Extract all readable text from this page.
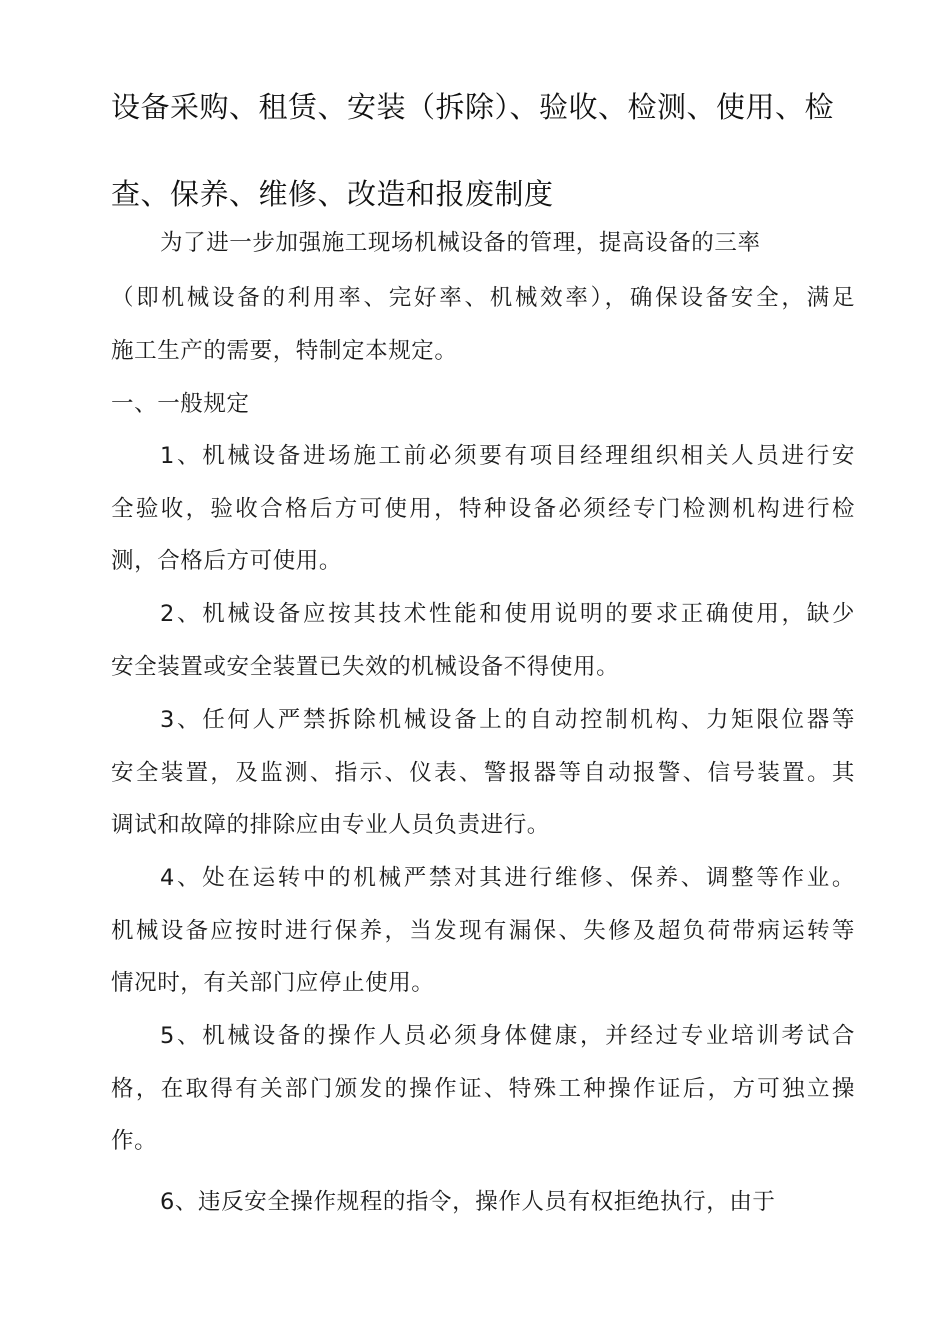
设备采购、租赁、安装（拆除）、验收、检测、使用、检
查、保养、维修、改造和报废制度

为了进一步加强施工现场机械设备的管理，提高设备的三率

（即机械设备的利用率、完好率、机械效率），确保设备安全，满足

施工生产的需要，特制定本规定。

一、一般规定

1、机械设备进场施工前必须要有项目经理组织相关人员进行安

全验收，验收合格后方可使用，特种设备必须经专门检测机构进行检

测，合格后方可使用。

2、机械设备应按其技术性能和使用说明的要求正确使用，缺少

安全装置或安全装置已失效的机械设备不得使用。

3、任何人严禁拆除机械设备上的自动控制机构、力矩限位器等

安全装置，及监测、指示、仪表、警报器等自动报警、信号装置。其

调试和故障的排除应由专业人员负责进行。

4、处在运转中的机械严禁对其进行维修、保养、调整等作业。

机械设备应按时进行保养，当发现有漏保、失修及超负荷带病运转等

情况时，有关部门应停止使用。

5、机械设备的操作人员必须身体健康，并经过专业培训考试合

格，在取得有关部门颁发的操作证、特殊工种操作证后，方可独立操

作。

6、违反安全操作规程的指令，操作人员有权拒绝执行，由于
